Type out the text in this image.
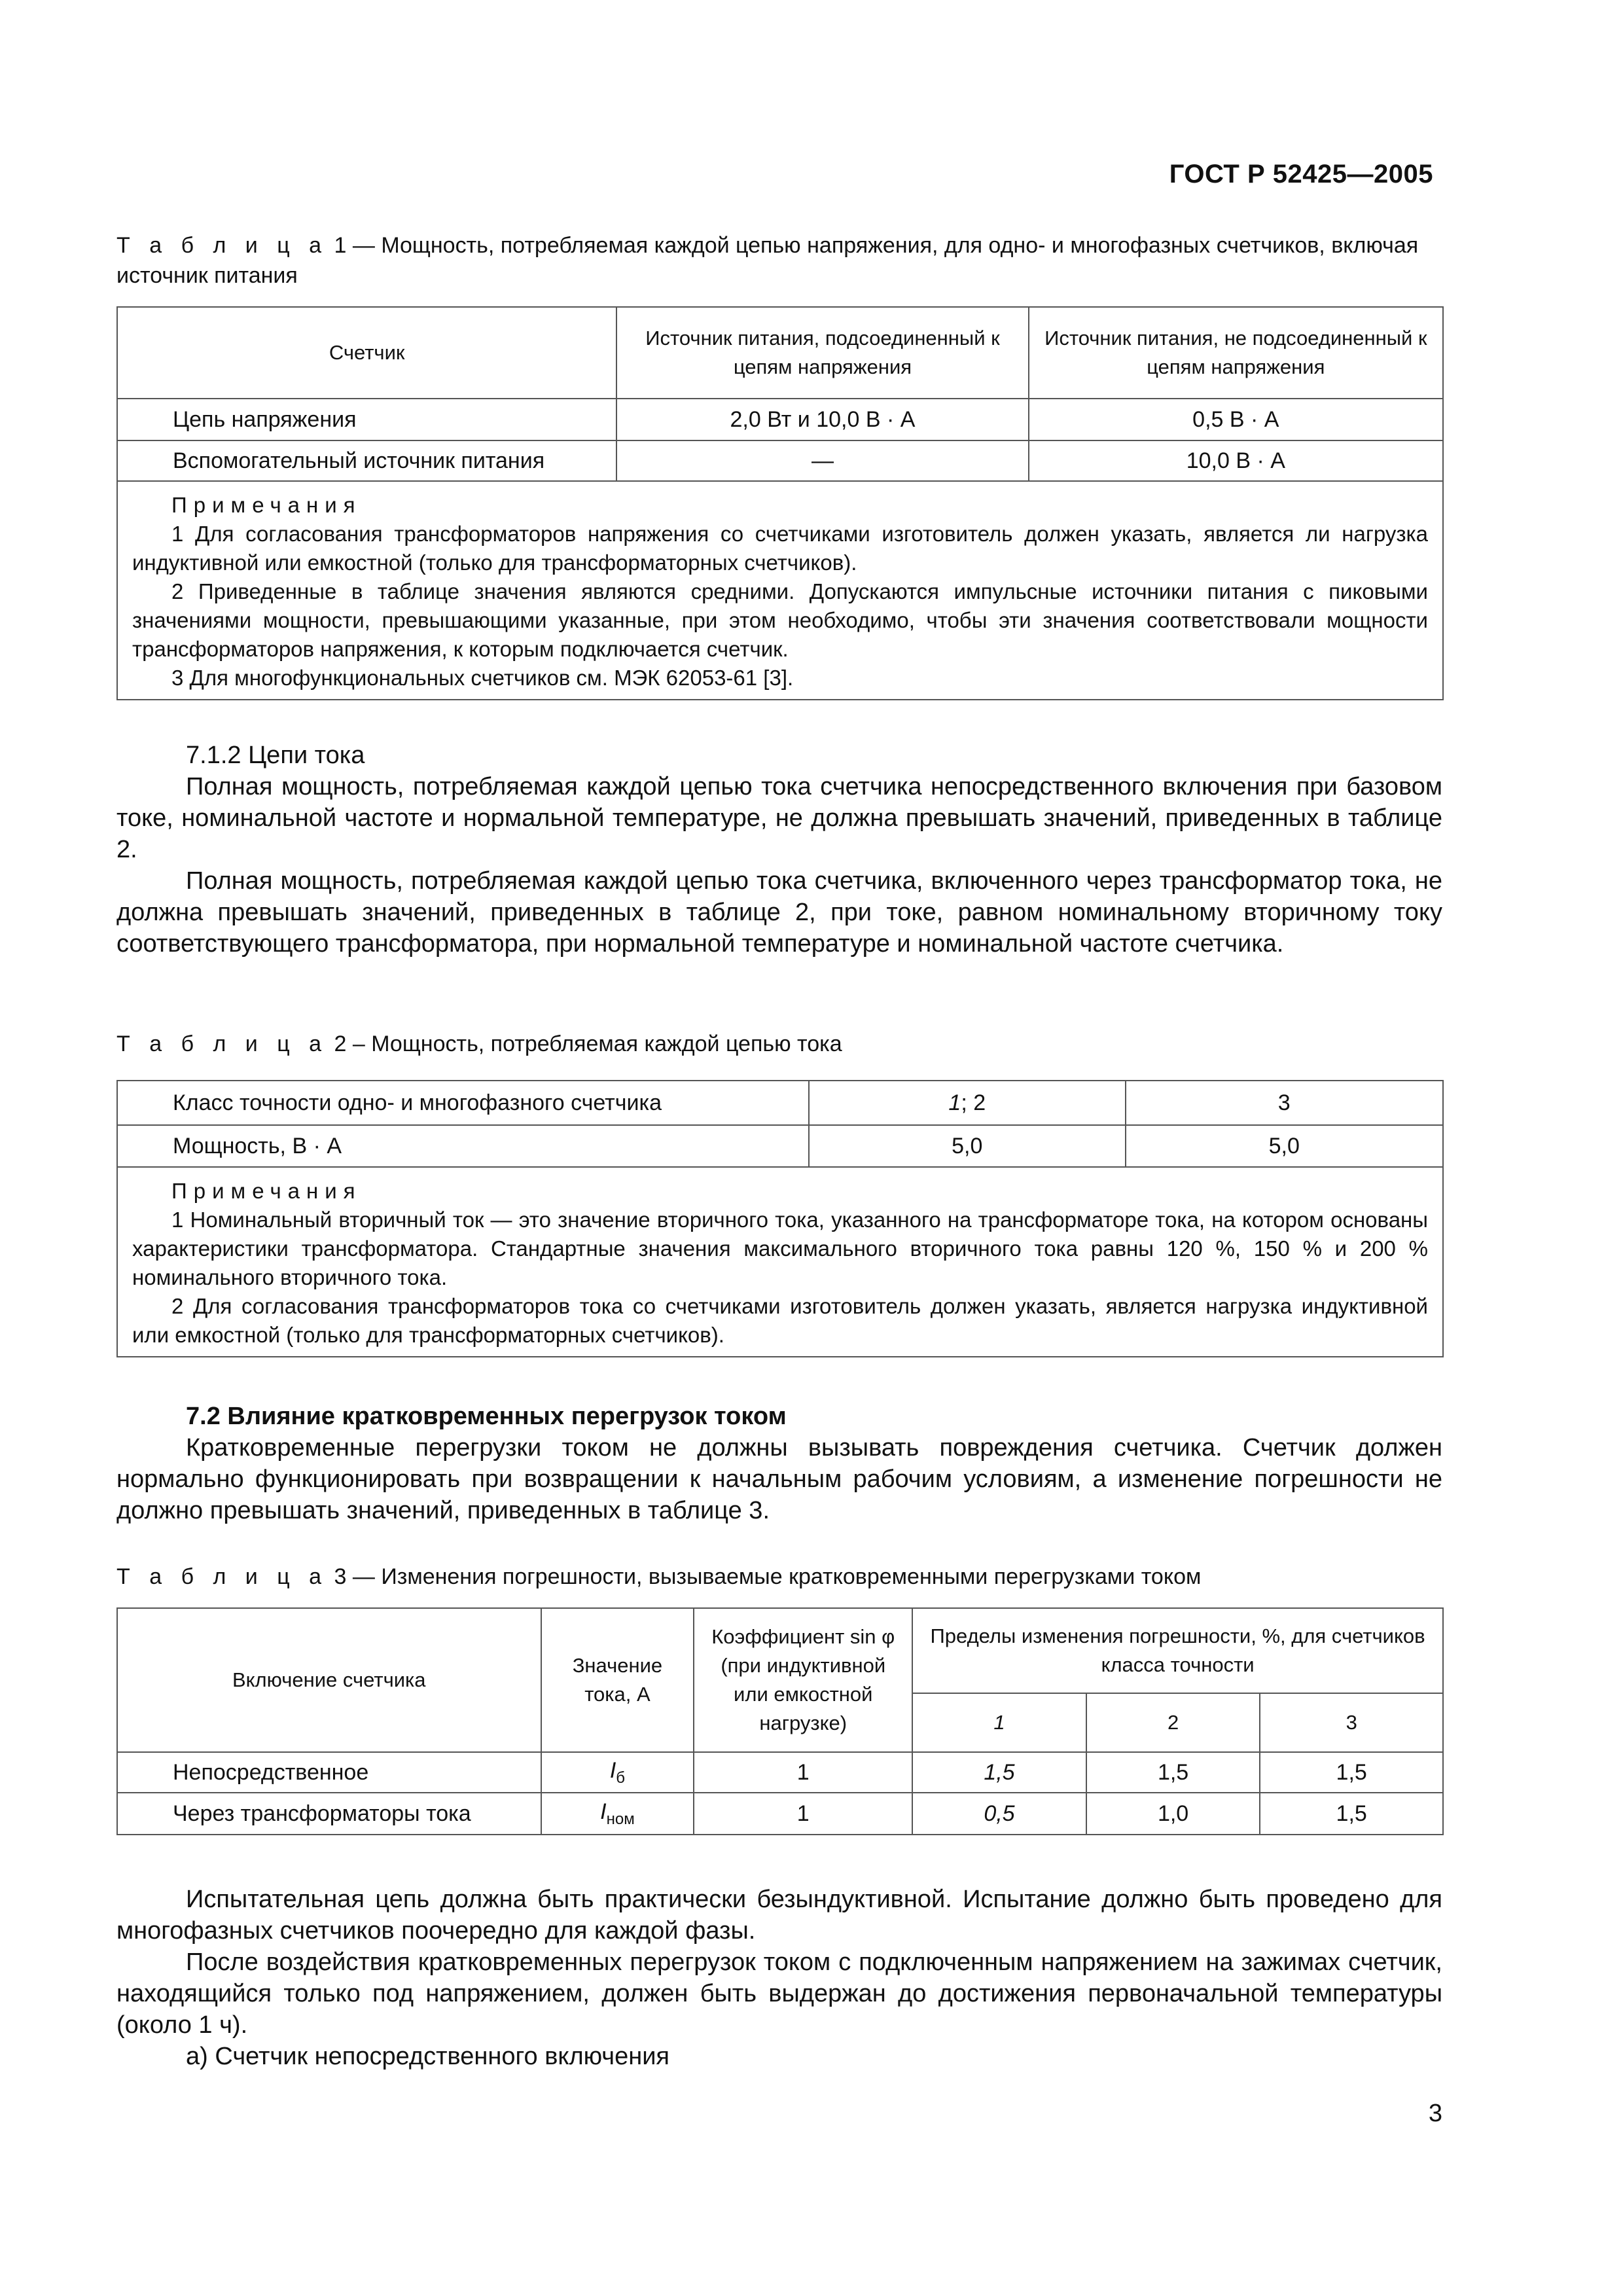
ГОСТ Р 52425—2005
Т а б л и ц а 1 — Мощность, потребляемая каждой цепью напряжения, для одно- и многофазных счетчиков, включая источник питания
Счетчик	Источник питания, подсоединенный к цепям напряжения	Источник питания, не подсоединенный к цепям напряжения
Цепь напряжения	2,0 Вт и 10,0 В · А	0,5 В · А
Вспомогательный источник питания	—	10,0 В · А

Примечания

1 Для согласования трансформаторов напряжения со счетчиками изготовитель должен указать, является ли нагрузка индуктивной или емкостной (только для трансформаторных счетчиков).

2 Приведенные в таблице значения являются средними. Допускаются импульсные источники питания с пиковыми значениями мощности, превышающими указанные, при этом необходимо, чтобы эти значения соответствовали мощности трансформаторов напряжения, к которым подключается счетчик.

3 Для многофункциональных счетчиков см. МЭК 62053-61 [3].		

7.1.2 Цепи тока

Полная мощность, потребляемая каждой цепью тока счетчика непосредственного включения при базовом токе, номинальной частоте и нормальной температуре, не должна превышать значений, приведенных в таблице 2.

Полная мощность, потребляемая каждой цепью тока счетчика, включенного через трансформатор тока, не должна превышать значений, приведенных в таблице 2, при токе, равном номинальному вторичному току соответствующего трансформатора, при нормальной температуре и номинальной частоте счетчика.

Т а б л и ц а 2 – Мощность, потребляемая каждой цепью тока
Класс точности одно- и многофазного счетчика	1; 2	3
Мощность, В · А	5,0	5,0

Примечания

1 Номинальный вторичный ток — это значение вторичного тока, указанного на трансформаторе тока, на котором основаны характеристики трансформатора. Стандартные значения максимального вторичного тока равны 120 %, 150 % и 200 % номинального вторичного тока.

2 Для согласования трансформаторов тока со счетчиками изготовитель должен указать, является нагрузка индуктивной или емкостной (только для трансформаторных счетчиков).		

7.2 Влияние кратковременных перегрузок током

Кратковременные перегрузки током не должны вызывать повреждения счетчика. Счетчик должен нормально функционировать при возвращении к начальным рабочим условиям, а изменение погрешности не должно превышать значений, приведенных в таблице 3.

Т а б л и ц а 3 — Изменения погрешности, вызываемые кратковременными перегрузками током
Включение счетчика	Значение тока, А	Коэффициент sin φ (при индуктивной или емкостной нагрузке)	Пределы изменения погрешности, %, для счетчиков класса точности		
			1	2	3
Непосредственное	$I_б$	1	1,5	1,5	1,5
Через трансформаторы тока	$I_{ном}$	1	0,5	1,0	1,5

Испытательная цепь должна быть практически безындуктивной. Испытание должно быть проведено для многофазных счетчиков поочередно для каждой фазы.

После воздействия кратковременных перегрузок током с подключенным напряжением на зажимах счетчик, находящийся только под напряжением, должен быть выдержан до достижения первоначальной температуры (около 1 ч).

а) Счетчик непосредственного включения
3
